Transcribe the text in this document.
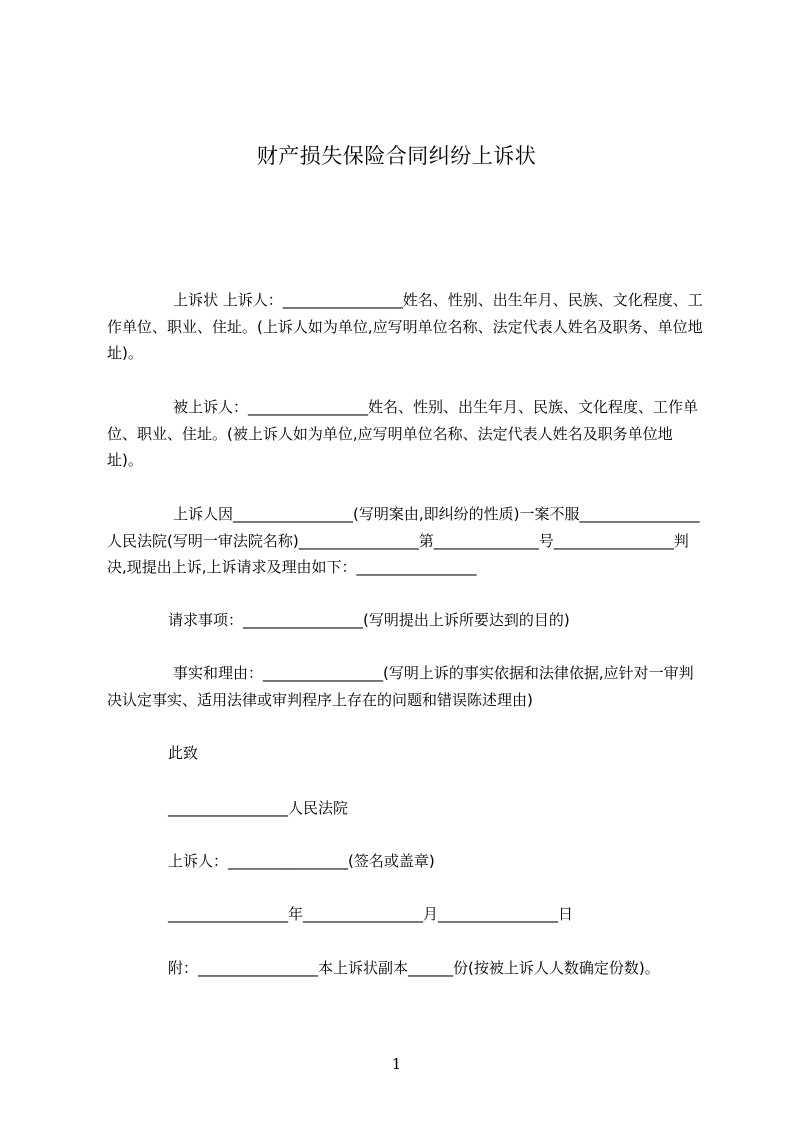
财产损失保险合同纠纷上诉状
上诉状 上诉人：________________姓名、性别、出生年月、民族、文化程度、工作单位、职业、住址。(上诉人如为单位,应写明单位名称、法定代表人姓名及职务、单位地址)。
被上诉人：________________姓名、性别、出生年月、民族、文化程度、工作单位、职业、住址。(被上诉人如为单位,应写明单位名称、法定代表人姓名及职务单位地址)。
上诉人因________________(写明案由,即纠纷的性质)一案不服________________人民法院(写明一审法院名称)________________第______________号________________判决,现提出上诉,上诉请求及理由如下：________________
请求事项：________________(写明提出上诉所要达到的目的)
事实和理由：________________(写明上诉的事实依据和法律依据,应针对一审判决认定事实、适用法律或审判程序上存在的问题和错误陈述理由)
此致
________________人民法院
上诉人：________________(签名或盖章)
________________年________________月________________日
附：________________本上诉状副本______份(按被上诉人人数确定份数)。
1
